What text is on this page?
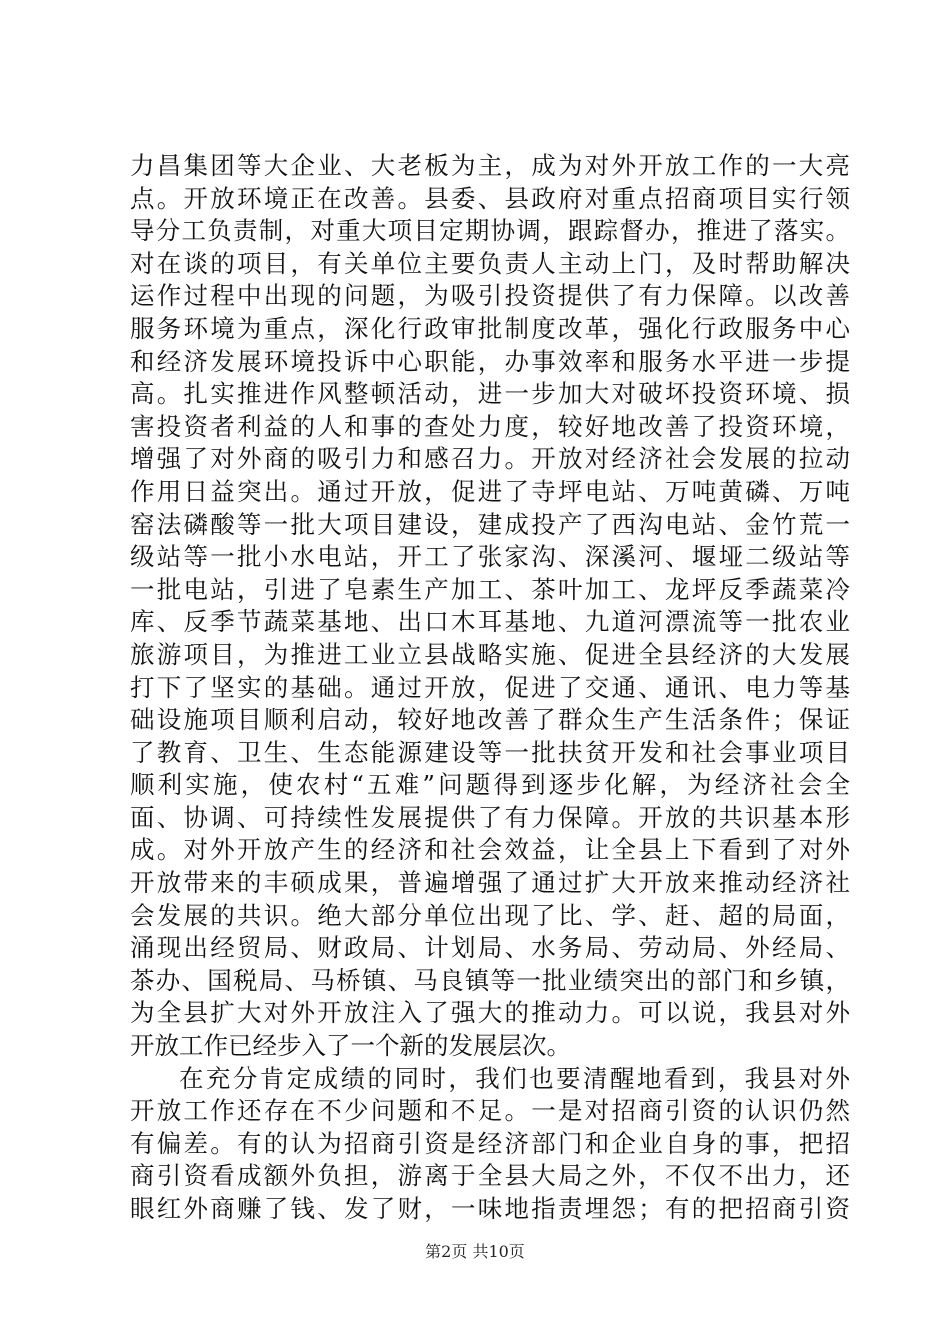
力昌集团等大企业、大老板为主，成为对外开放工作的一大亮
点。开放环境正在改善。县委、县政府对重点招商项目实行领
导分工负责制，对重大项目定期协调，跟踪督办，推进了落实。
对在谈的项目，有关单位主要负责人主动上门，及时帮助解决
运作过程中出现的问题，为吸引投资提供了有力保障。以改善
服务环境为重点，深化行政审批制度改革，强化行政服务中心
和经济发展环境投诉中心职能，办事效率和服务水平进一步提
高。扎实推进作风整顿活动，进一步加大对破坏投资环境、损
害投资者利益的人和事的查处力度，较好地改善了投资环境，
增强了对外商的吸引力和感召力。开放对经济社会发展的拉动
作用日益突出。通过开放，促进了寺坪电站、万吨黄磷、万吨
窑法磷酸等一批大项目建设，建成投产了西沟电站、金竹荒一
级站等一批小水电站，开工了张家沟、深溪河、堰垭二级站等
一批电站，引进了皂素生产加工、茶叶加工、龙坪反季蔬菜冷
库、反季节蔬菜基地、出口木耳基地、九道河漂流等一批农业
旅游项目，为推进工业立县战略实施、促进全县经济的大发展
打下了坚实的基础。通过开放，促进了交通、通讯、电力等基
础设施项目顺利启动，较好地改善了群众生产生活条件；保证
了教育、卫生、生态能源建设等一批扶贫开发和社会事业项目
顺利实施，使农村“五难”问题得到逐步化解，为经济社会全
面、协调、可持续性发展提供了有力保障。开放的共识基本形
成。对外开放产生的经济和社会效益，让全县上下看到了对外
开放带来的丰硕成果，普遍增强了通过扩大开放来推动经济社
会发展的共识。绝大部分单位出现了比、学、赶、超的局面，
涌现出经贸局、财政局、计划局、水务局、劳动局、外经局、
茶办、国税局、马桥镇、马良镇等一批业绩突出的部门和乡镇，
为全县扩大对外开放注入了强大的推动力。可以说，我县对外
开放工作已经步入了一个新的发展层次。
在充分肯定成绩的同时，我们也要清醒地看到，我县对外
开放工作还存在不少问题和不足。一是对招商引资的认识仍然
有偏差。有的认为招商引资是经济部门和企业自身的事，把招
商引资看成额外负担，游离于全县大局之外，不仅不出力，还
眼红外商赚了钱、发了财，一味地指责埋怨；有的把招商引资
第2页 共10页
